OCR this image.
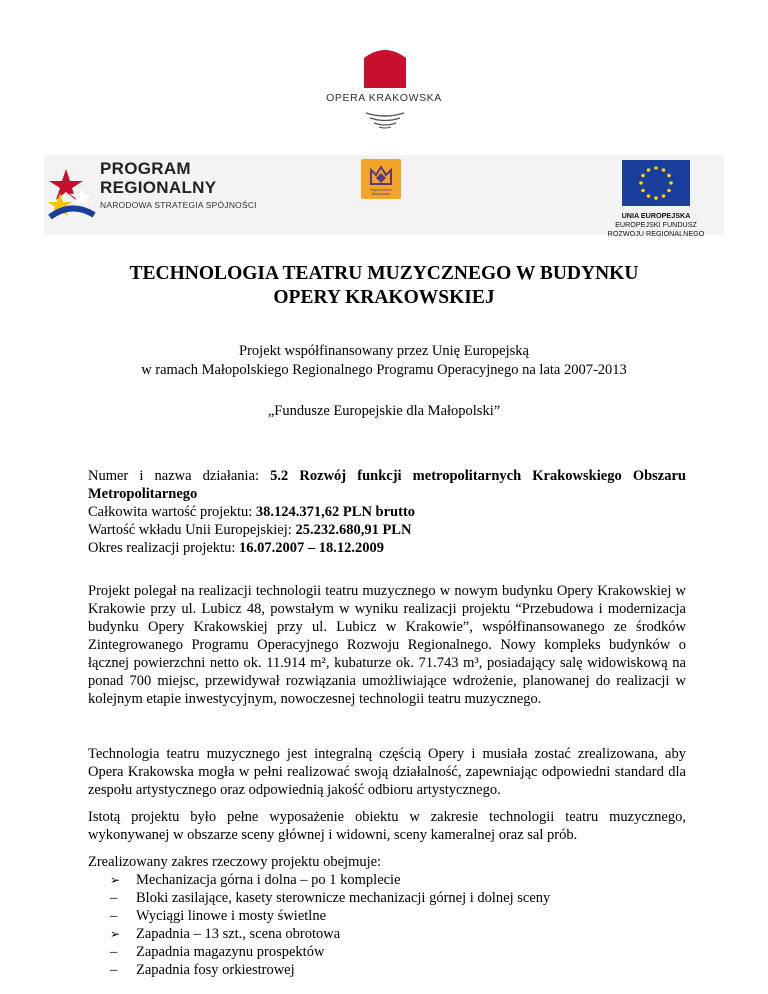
OPERA KRAKOWSKA
PROGRAM
REGIONALNY
NARODOWA STRATEGIA SPÓJNOŚCI
Województwo Małopolskie
UNIA EUROPEJSKA
EUROPEJSKI FUNDUSZ
ROZWOJU REGIONALNEGO
TECHNOLOGIA TEATRU MUZYCZNEGO W BUDYNKU
OPERY KRAKOWSKIEJ
Projekt współfinansowany przez Unię Europejską
w ramach Małopolskiego Regionalnego Programu Operacyjnego na lata 2007-2013
„Fundusze Europejskie dla Małopolski”
Numer i nazwa działania: 5.2 Rozwój funkcji metropolitarnych Krakowskiego Obszaru
Metropolitarnego
Całkowita wartość projektu: 38.124.371,62 PLN brutto
Wartość wkładu Unii Europejskiej: 25.232.680,91 PLN
Okres realizacji projektu: 16.07.2007 – 18.12.2009
Projekt polegał na realizacji technologii teatru muzycznego w nowym budynku Opery Krakowskiej w Krakowie przy ul. Lubicz 48, powstałym w wyniku realizacji projektu “Przebudowa i modernizacja budynku Opery Krakowskiej przy ul. Lubicz w Krakowie”, współfinansowanego ze środków Zintegrowanego Programu Operacyjnego Rozwoju Regionalnego. Nowy kompleks budynków o łącznej powierzchni netto ok. 11.914 m², kubaturze ok. 71.743 m³, posiadający salę widowiskową na ponad 700 miejsc, przewidywał rozwiązania umożliwiające wdrożenie, planowanej do realizacji w kolejnym etapie inwestycyjnym, nowoczesnej technologii teatru muzycznego.
Technologia teatru muzycznego jest integralną częścią Opery i musiała zostać zrealizowana, aby Opera Krakowska mogła w pełni realizować swoją działalność, zapewniając odpowiedni standard dla zespołu artystycznego oraz odpowiednią jakość odbioru artystycznego.
Istotą projektu było pełne wyposażenie obiektu w zakresie technologii teatru muzycznego, wykonywanej w obszarze sceny głównej i widowni, sceny kameralnej oraz sal prób.
Zrealizowany zakres rzeczowy projektu obejmuje:
➢	Mechanizacja górna i dolna – po 1 komplecie
–	Bloki zasilające, kasety sterownicze mechanizacji górnej i dolnej sceny
–	Wyciągi linowe i mosty świetlne
➢	Zapadnia – 13 szt., scena obrotowa
–	Zapadnia magazynu prospektów
–	Zapadnia fosy orkiestrowej
